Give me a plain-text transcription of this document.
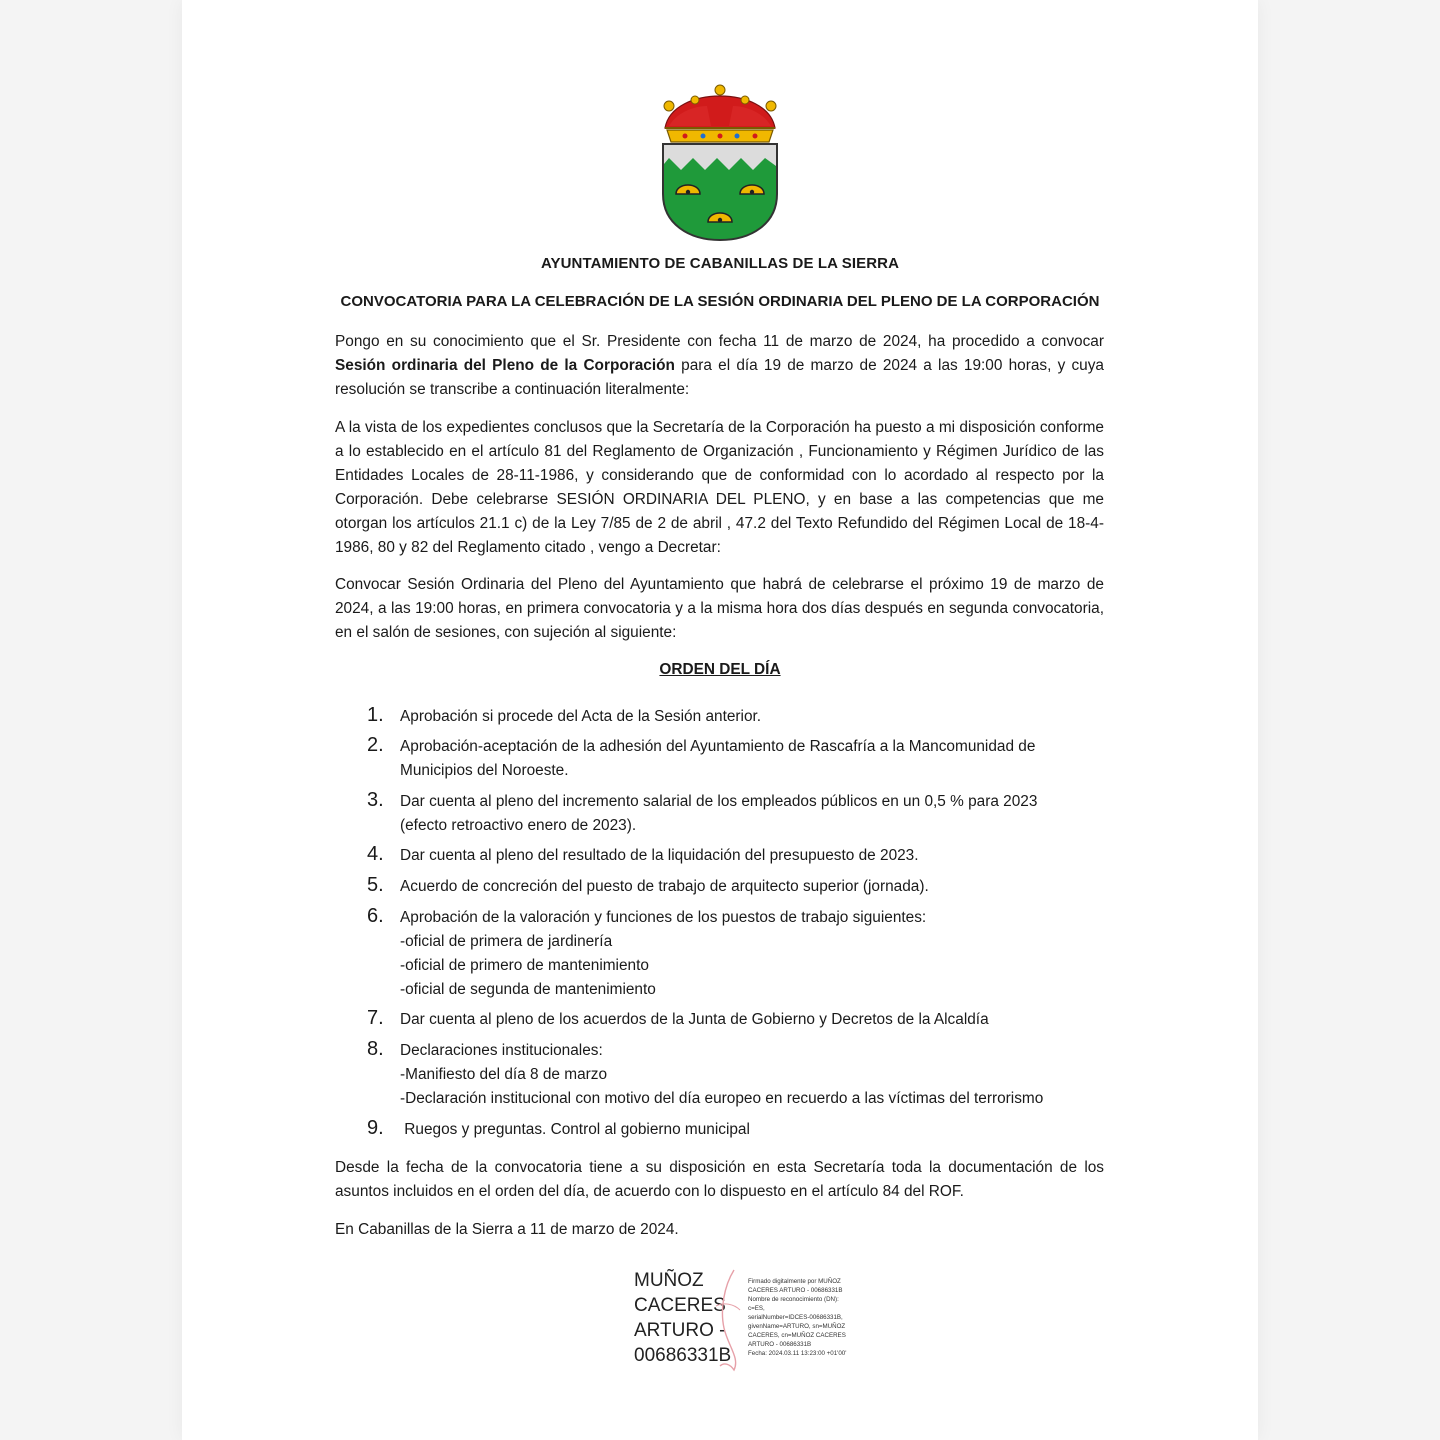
AYUNTAMIENTO DE CABANILLAS DE LA SIERRA
CONVOCATORIA PARA LA CELEBRACIÓN DE LA SESIÓN ORDINARIA DEL PLENO DE LA CORPORACIÓN

Pongo en su conocimiento que el Sr. Presidente con fecha 11 de marzo de 2024, ha procedido a convocar Sesión ordinaria del Pleno de la Corporación para el día 19 de marzo de 2024 a las 19:00 horas, y cuya resolución se transcribe a continuación literalmente:

A la vista de los expedientes conclusos que la Secretaría de la Corporación ha puesto a mi disposición conforme a lo establecido en el artículo 81 del Reglamento de Organización , Funcionamiento y Régimen Jurídico de las Entidades Locales de 28-11-1986, y considerando que de conformidad con lo acordado al respecto por la Corporación. Debe celebrarse SESIÓN ORDINARIA DEL PLENO, y en base a las competencias que me otorgan los artículos 21.1 c) de la Ley 7/85 de 2 de abril , 47.2 del Texto Refundido del Régimen Local de 18-4-1986, 80 y 82 del Reglamento citado , vengo a Decretar:

Convocar Sesión Ordinaria del Pleno del Ayuntamiento que habrá de celebrarse el próximo 19 de marzo de 2024, a las 19:00 horas, en primera convocatoria y a la misma hora dos días después en segunda convocatoria, en el salón de sesiones, con sujeción al siguiente:

ORDEN DEL DÍA
1. Aprobación si procede del Acta de la Sesión anterior.
2. Aprobación-aceptación de la adhesión del Ayuntamiento de Rascafría a la Mancomunidad de
Municipios del Noroeste.
3. Dar cuenta al pleno del incremento salarial de los empleados públicos en un 0,5 % para 2023
(efecto retroactivo enero de 2023).
4. Dar cuenta al pleno del resultado de la liquidación del presupuesto de 2023.
5. Acuerdo de concreción del puesto de trabajo de arquitecto superior (jornada).
6. Aprobación de la valoración y funciones de los puestos de trabajo siguientes:
-oficial de primera de jardinería
-oficial de primero de mantenimiento
-oficial de segunda de mantenimiento
7. Dar cuenta al pleno de los acuerdos de la Junta de Gobierno y Decretos de la Alcaldía
8. Declaraciones institucionales:
-Manifiesto del día 8 de marzo
-Declaración institucional con motivo del día europeo en recuerdo a las víctimas del terrorismo
9. Ruegos y preguntas. Control al gobierno municipal

Desde la fecha de la convocatoria tiene a su disposición en esta Secretaría toda la documentación de los asuntos incluidos en el orden del día, de acuerdo con lo dispuesto en el artículo 84 del ROF.

En Cabanillas de la Sierra a 11 de marzo de 2024.

MUÑOZ
CACERES
ARTURO -
00686331B
Firmado digitalmente por MUÑOZ
CACERES ARTURO - 00686331B
Nombre de reconocimiento (DN):
c=ES,
serialNumber=IDCES-00686331B,
givenName=ARTURO, sn=MUÑOZ
CACERES, cn=MUÑOZ CACERES
ARTURO - 00686331B
Fecha: 2024.03.11 13:23:00 +01'00'
